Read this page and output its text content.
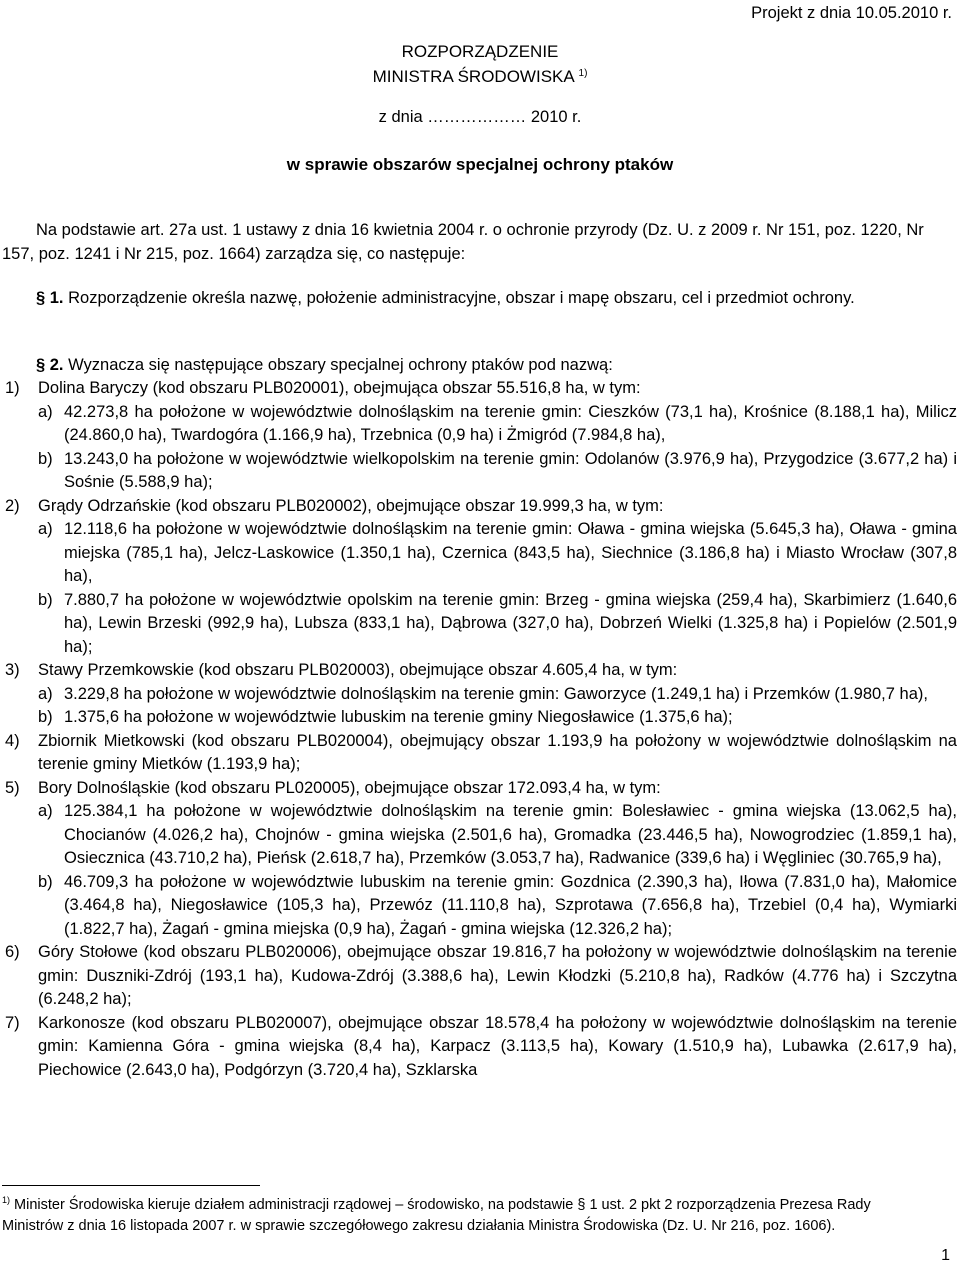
Projekt z dnia 10.05.2010 r.
ROZPORZĄDZENIE
MINISTRA ŚRODOWISKA $^{1)}$
z dnia ……………… 2010 r.
w sprawie obszarów specjalnej ochrony ptaków
Na podstawie art. 27a ust. 1 ustawy z dnia 16 kwietnia 2004 r. o ochronie przyrody (Dz. U. z 2009 r. Nr 151, poz. 1220, Nr 157, poz. 1241 i Nr 215, poz. 1664) zarządza się, co następuje:
§ 1. Rozporządzenie określa nazwę, położenie administracyjne, obszar i mapę obszaru, cel i przedmiot ochrony.
§ 2. Wyznacza się następujące obszary specjalnej ochrony ptaków pod nazwą:
1) Dolina Baryczy (kod obszaru PLB020001), obejmująca obszar 55.516,8 ha, w tym:
a) 42.273,8 ha położone w województwie dolnośląskim na terenie gmin: Cieszków (73,1 ha), Krośnice (8.188,1 ha), Milicz (24.860,0 ha), Twardogóra (1.166,9 ha), Trzebnica (0,9 ha) i Żmigród (7.984,8 ha),
b) 13.243,0 ha położone w województwie wielkopolskim na terenie gmin: Odolanów (3.976,9 ha), Przygodzice (3.677,2 ha) i Sośnie (5.588,9 ha);
2) Grądy Odrzańskie (kod obszaru PLB020002), obejmujące obszar 19.999,3 ha, w tym:
a) 12.118,6 ha położone w województwie dolnośląskim na terenie gmin: Oława - gmina wiejska (5.645,3 ha), Oława - gmina miejska (785,1 ha), Jelcz-Laskowice (1.350,1 ha), Czernica (843,5 ha), Siechnice (3.186,8 ha) i Miasto Wrocław (307,8 ha),
b) 7.880,7 ha położone w województwie opolskim na terenie gmin: Brzeg - gmina wiejska (259,4 ha), Skarbimierz (1.640,6 ha), Lewin Brzeski (992,9 ha), Lubsza (833,1 ha), Dąbrowa (327,0 ha), Dobrzeń Wielki (1.325,8 ha) i Popielów (2.501,9 ha);
3) Stawy Przemkowskie (kod obszaru PLB020003), obejmujące obszar 4.605,4 ha, w tym:
a) 3.229,8 ha położone w województwie dolnośląskim na terenie gmin: Gaworzyce (1.249,1 ha) i Przemków (1.980,7 ha),
b) 1.375,6 ha położone w województwie lubuskim na terenie gminy Niegosławice (1.375,6 ha);
4) Zbiornik Mietkowski (kod obszaru PLB020004), obejmujący obszar 1.193,9 ha położony w województwie dolnośląskim na terenie gminy Mietków (1.193,9 ha);
5) Bory Dolnośląskie (kod obszaru PL020005), obejmujące obszar 172.093,4 ha, w tym:
a) 125.384,1 ha położone w województwie dolnośląskim na terenie gmin: Bolesławiec - gmina wiejska (13.062,5 ha), Chocianów (4.026,2 ha), Chojnów - gmina wiejska (2.501,6 ha), Gromadka (23.446,5 ha), Nowogrodziec (1.859,1 ha), Osiecznica (43.710,2 ha), Pieńsk (2.618,7 ha), Przemków (3.053,7 ha), Radwanice (339,6 ha) i Węgliniec (30.765,9 ha),
b) 46.709,3 ha położone w województwie lubuskim na terenie gmin: Gozdnica (2.390,3 ha), Iłowa (7.831,0 ha), Małomice (3.464,8 ha), Niegosławice (105,3 ha), Przewóz (11.110,8 ha), Szprotawa (7.656,8 ha), Trzebiel (0,4 ha), Wymiarki (1.822,7 ha), Żagań - gmina miejska (0,9 ha), Żagań - gmina wiejska (12.326,2 ha);
6) Góry Stołowe (kod obszaru PLB020006), obejmujące obszar 19.816,7 ha położony w województwie dolnośląskim na terenie gmin: Duszniki-Zdrój (193,1 ha), Kudowa-Zdrój (3.388,6 ha), Lewin Kłodzki (5.210,8 ha), Radków (4.776 ha) i Szczytna (6.248,2 ha);
7) Karkonosze (kod obszaru PLB020007), obejmujące obszar 18.578,4 ha położony w województwie dolnośląskim na terenie gmin: Kamienna Góra - gmina wiejska (8,4 ha), Karpacz (3.113,5 ha), Kowary (1.510,9 ha), Lubawka (2.617,9 ha), Piechowice (2.643,0 ha), Podgórzyn (3.720,4 ha), Szklarska
$^{1)}$ Minister Środowiska kieruje działem administracji rządowej – środowisko, na podstawie § 1 ust. 2 pkt 2 rozporządzenia Prezesa Rady Ministrów z dnia 16 listopada 2007 r. w sprawie szczegółowego zakresu działania Ministra Środowiska (Dz. U. Nr 216, poz. 1606).
1
